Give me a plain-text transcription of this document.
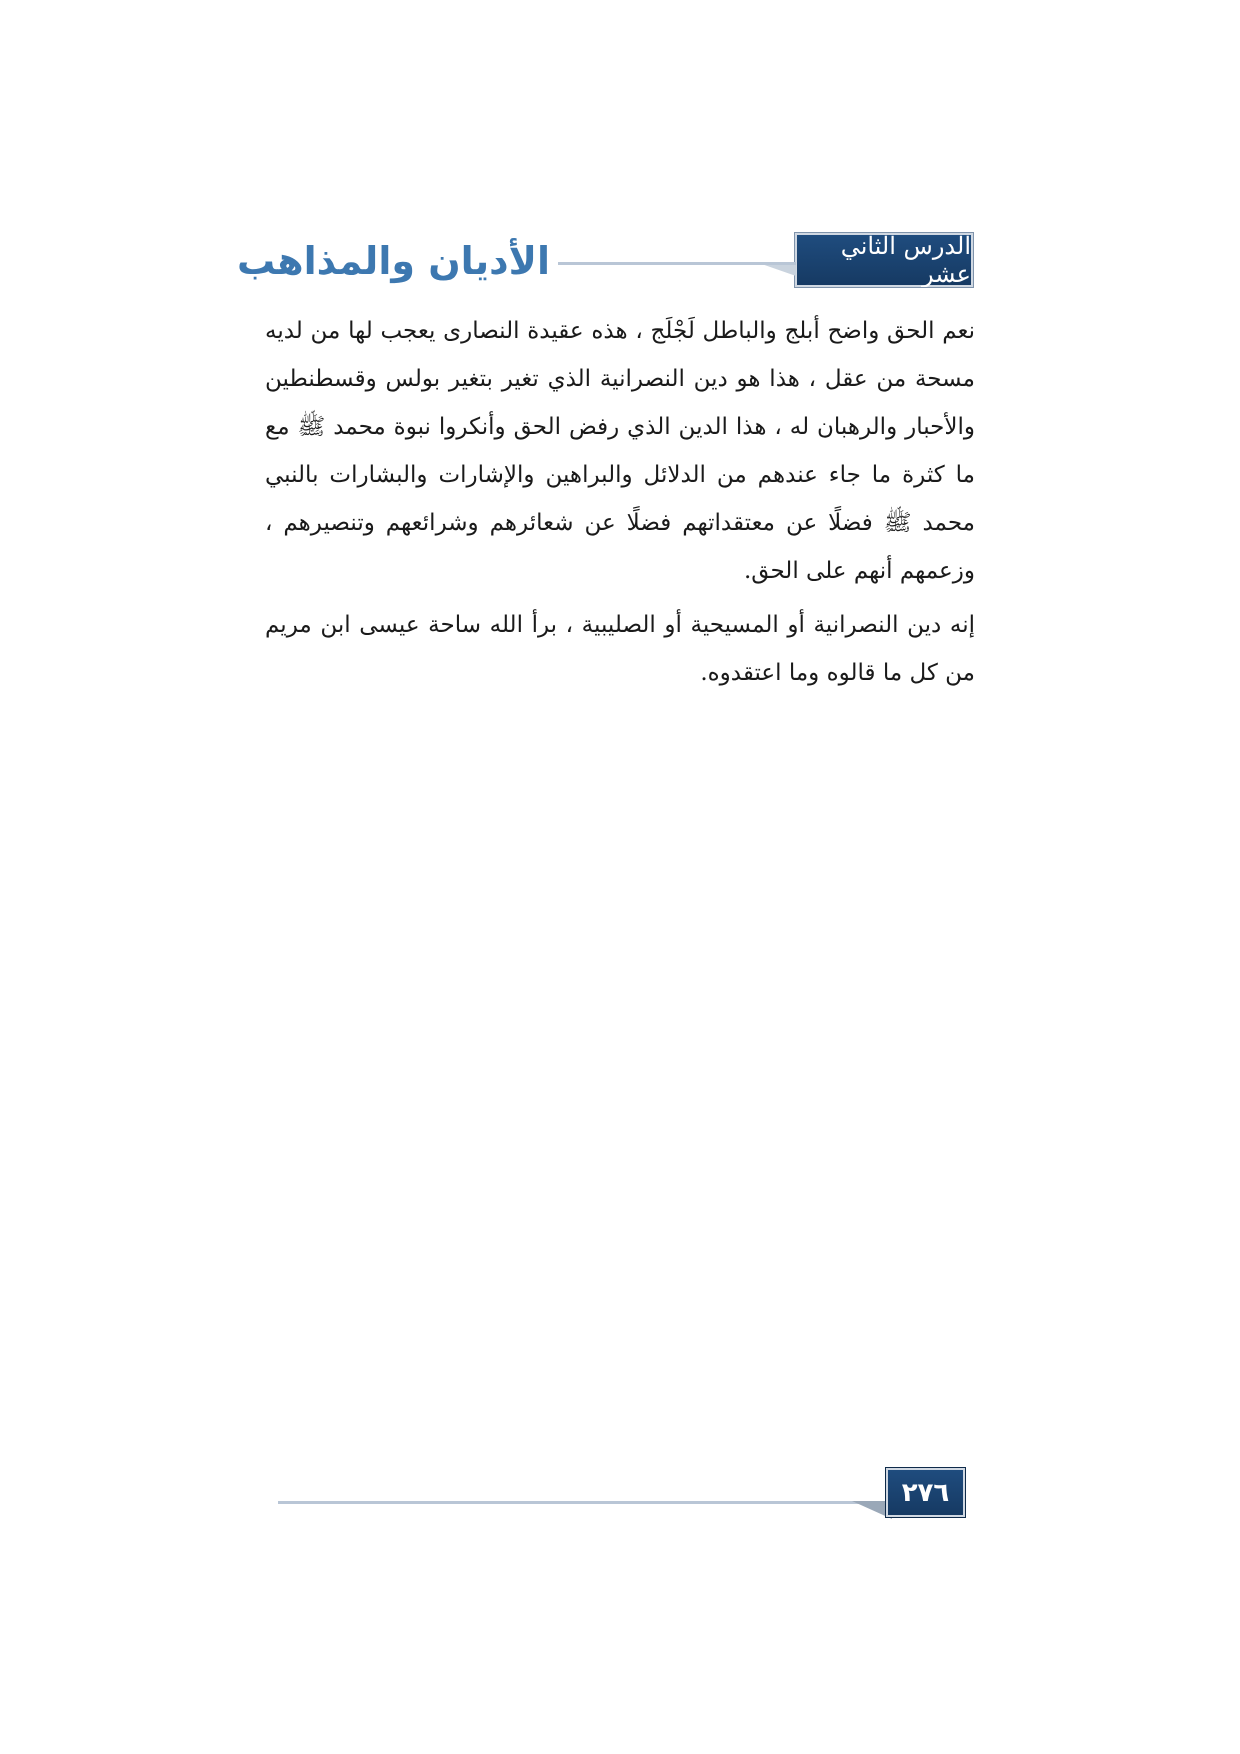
الدرس الثاني عشر
الأديان والمذاهب

نعم الحق واضح أبلج والباطل لَجْلَج ، هذه عقيدة النصارى يعجب لها من لديه مسحة من عقل ، هذا هو دين النصرانية الذي تغير بتغير بولس وقسطنطين والأحبار والرهبان له ، هذا الدين الذي رفض الحق وأنكروا نبوة محمد ﷺ مع ما كثرة ما جاء عندهم من الدلائل والبراهين والإشارات والبشارات بالنبي محمد ﷺ فضلًا عن معتقداتهم فضلًا عن شعائرهم وشرائعهم وتنصيرهم ، وزعمهم أنهم على الحق.

إنه دين النصرانية أو المسيحية أو الصليبية ، برأ الله ساحة عيسى ابن مريم من كل ما قالوه وما اعتقدوه.

٢٧٦
